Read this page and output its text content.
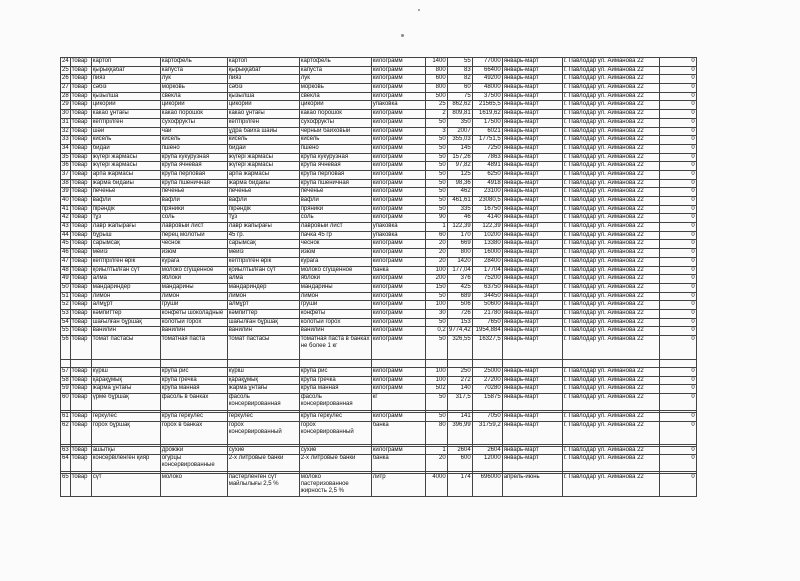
24	товар	картоп	картофель	картоп	картофель	килограмм	1400	55	77000	январь-март	г. Павлодар ул. Айманова 22	0
25	товар	қырыққабат	капуста	қырыққабат	капуста	килограмм	800	83	66400	январь-март	г. Павлодар ул. Айманова 22	0
26	товар	пияз	лук	пияз	лук	килограмм	600	82	49200	январь-март	г. Павлодар ул. Айманова 22	0
27	товар	сәбіз	морковь	сәбіз	морковь	килограмм	800	60	48000	январь-март	г. Павлодар ул. Айманова 22	0
28	товар	қызылша	свекла	қызылша	свекла	килограмм	500	75	37500	январь-март	г. Павлодар ул. Айманова 22	0
29	товар	цикорий	цикорий	цикорий	цикорий	упаковка	25	862,62	21565,5	январь-март	г. Павлодар ул. Айманова 22	0
30	товар	какао ұнтағы	какао порошок	какао ұнтағы	какао порошок	килограмм	2	809,81	1619,62	январь-март	г. Павлодар ул. Айманова 22	0
31	товар	кептірілген	сухофрукты	кептірілген	сухофрукты	килограмм	50	350	17500	январь-март	г. Павлодар ул. Айманова 22	0
32	товар	шәй	чай	ұдра байха шайы	черный байховый	килограмм	3	2007	6021	январь-март	г. Павлодар ул. Айманова 22	0
33	товар	кисель	кисель	кисель	кисель	килограмм	50	355,03	17751,5	январь-март	г. Павлодар ул. Айманова 22	0
34	товар	бидай	пшено	бидай	пшено	килограмм	50	145	7250	январь-март	г. Павлодар ул. Айманова 22	0
35	товар	жүгері жармасы	крупа кукурузная	жүгері жармасы	крупа кукурузная	килограмм	50	157,26	7863	январь-март	г. Павлодар ул. Айманова 22	0
36	товар	жүгері жармасы	крупа ячневая	жүгері жармасы	крупа ячневая	килограмм	50	97,82	4891	январь-март	г. Павлодар ул. Айманова 22	0
37	товар	арпа жармасы	крупа перловая	арпа жармасы	крупа перловая	килограмм	50	125	6250	январь-март	г. Павлодар ул. Айманова 22	0
38	товар	жарма бидайы	крупа пшеничная	жарма бидайы	крупа пшеничная	килограмм	50	98,36	4918	январь-март	г. Павлодар ул. Айманова 22	0
39	товар	печенье	печенье	печенье	печенье	килограмм	50	462	23100	январь-март	г. Павлодар ул. Айманова 22	0
40	товар	вафли	вафли	вафли	вафли	килограмм	50	461,61	23080,5	январь-март	г. Павлодар ул. Айманова 22	0
41	товар	пірәндік	пряники	пірәндік	пряники	килограмм	50	335	16750	январь-март	г. Павлодар ул. Айманова 22	0
42	товар	тұз	соль	тұз	соль	килограмм	90	46	4140	январь-март	г. Павлодар ул. Айманова 22	0
43	товар	лавр жапырағы	лавровый лист	лавр жапырағы	лавровый лист	упаковка	1	122,39	122,39	январь-март	г. Павлодар ул. Айманова 22	0
44	товар	бұрыш	перец молотый	45 гр.	пачка 45 гр	упаковка	60	170	10200	январь-март	г. Павлодар ул. Айманова 22	0
45	товар	сарымсақ	чеснок	сарымсақ	чеснок	килограмм	20	669	13380	январь-март	г. Павлодар ул. Айманова 22	0
46	товар	мейіз	изюм	мейіз	изюм	килограмм	20	800	16000	январь-март	г. Павлодар ул. Айманова 22	0
47	товар	кептірілген өрік	курага	кептірілген өрік	курага	килограмм	20	1420	28400	январь-март	г. Павлодар ул. Айманова 22	0
48	товар	қойылтылған сүт	молоко сгущенное	қойылтылған сүт	молоко сгущенное	банка	100	177,04	17704	январь-март	г. Павлодар ул. Айманова 22	0
49	товар	алма	яблоки	алма	яблоки	килограмм	200	376	75200	январь-март	г. Павлодар ул. Айманова 22	0
50	товар	мандариндер	мандарины	мандариндер	мандарины	килограмм	150	425	63750	январь-март	г. Павлодар ул. Айманова 22	0
51	товар	лимон	лимон	лимон	лимон	килограмм	50	689	34450	январь-март	г. Павлодар ул. Айманова 22	0
52	товар	алмұрт	груши	алмұрт	груши	килограмм	100	506	50600	январь-март	г. Павлодар ул. Айманова 22	0
53	товар	кәмпиттер	конфеты шоколадные	кәмпиттер	конфеты	килограмм	30	726	21780	январь-март	г. Павлодар ул. Айманова 22	0
54	товар	шағылған бұршақ	колотый горох	шағылған бұршақ	колотый горох	килограмм	50	153	7650	январь-март	г. Павлодар ул. Айманова 22	0
55	товар	ванилин	ванилин	ванилин	ванилин	килограмм	0,2	9774,42	1954,884	январь-март	г. Павлодар ул. Айманова 22	0
56	товар	томат пастасы	томатная паста	томат пастасы	томатная паста в банках не более 1 кг	килограмм	50	326,55	16327,5	январь-март	г. Павлодар ул. Айманова 22	0

57	товар	күріш	крупа рис	күріш	крупа рис	килограмм	100	250	25000	январь-март	г. Павлодар ул. Айманова 22	0
58	товар	қарақұмық	крупа гречка	қарақұмық	крупа гречка	килограмм	100	272	27200	январь-март	г. Павлодар ул. Айманова 22	0
59	товар	жарма ұнтағы	крупа манная	жарма ұнтағы	крупа манная	килограмм	502	140	70280	январь-март	г. Павлодар ул. Айманова 22	0
60	товар	үрме бұршақ	фасоль в банках	фасоль консервированная	фасоль консервированная	кг	50	317,5	15875	январь-март	г. Павлодар ул. Айманова 22	0

61	товар	геркулес	крупа геркулес	геркулес	крупа геркулес	килограмм	50	141	7050	январь-март	г. Павлодар ул. Айманова 22	0
62	товар	горох бұршақ	горох в банках	горох консервированный	горох консервированный	банка	80	396,99	31759,2	январь-март	г. Павлодар ул. Айманова 22	0

63	товар	ашытқы	дрожжи	сухие	сухие	килограмм	1	2604	2604	январь-март	г. Павлодар ул. Айманова 22	0
64	товар	консервіленген қияр	огурцы консервированные	2-х литровые банки	2-х литровые банки	банка	20	600	12000	январь-март	г. Павлодар ул. Айманова 22	0

65	товар	сүт	молоко	пастерленген сүт майлылығы 2,5 %	молоко пастеризованное жирность 2,5 %	литр	4000	174	696000	апрель-июнь	г. Павлодар ул. Айманова 22	0
